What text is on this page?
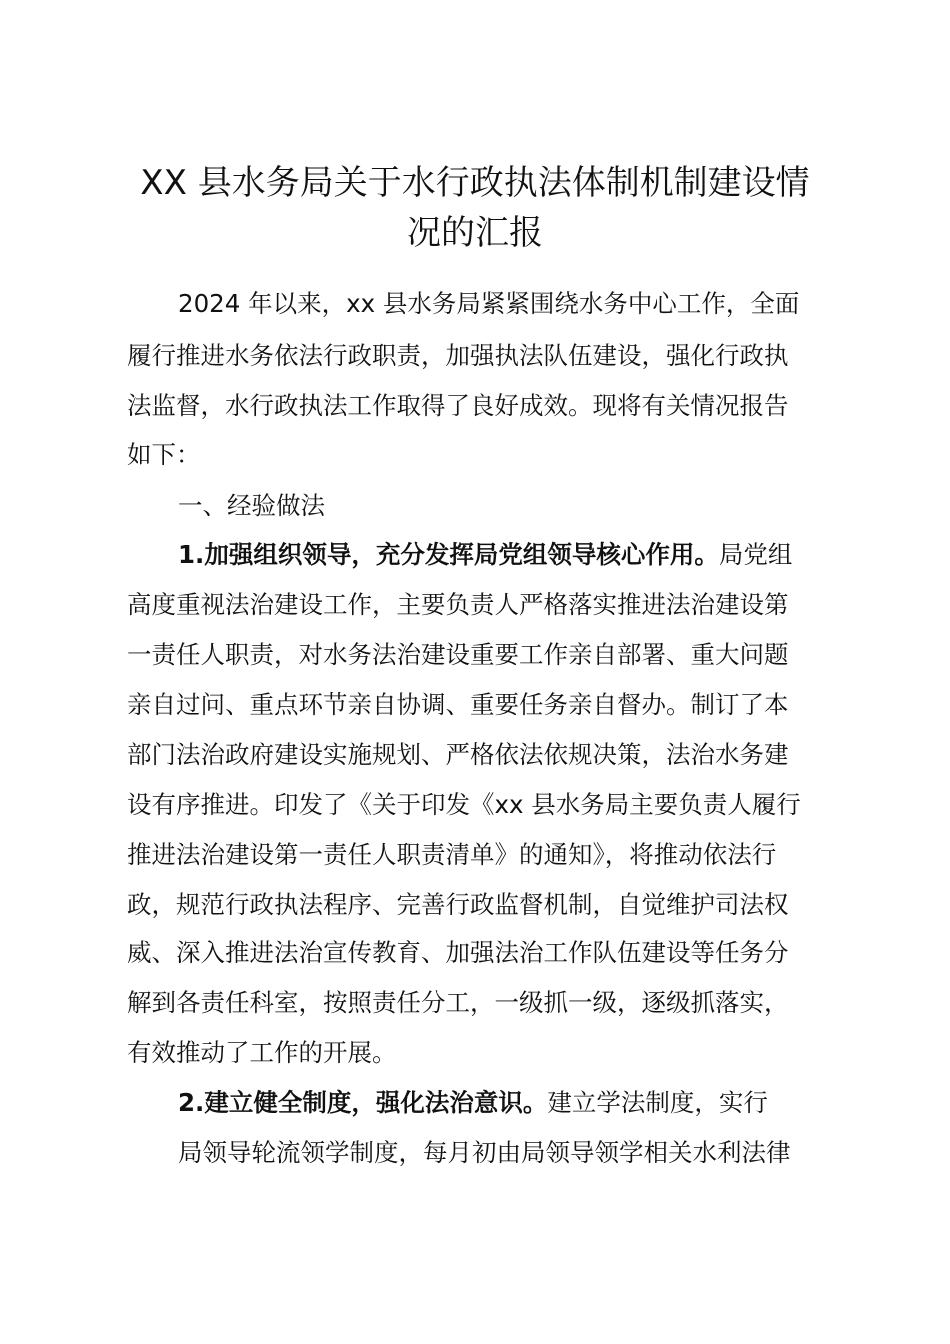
XX 县水务局关于水行政执法体制机制建设情
况的汇报

2024 年以来，xx 县水务局紧紧围绕水务中心工作，全面

履行推进水务依法行政职责，加强执法队伍建设，强化行政执

法监督，水行政执法工作取得了良好成效。现将有关情况报告

如下：

一、经验做法

1.加强组织领导，充分发挥局党组领导核心作用。局党组

高度重视法治建设工作，主要负责人严格落实推进法治建设第

一责任人职责，对水务法治建设重要工作亲自部署、重大问题

亲自过问、重点环节亲自协调、重要任务亲自督办。制订了本

部门法治政府建设实施规划、严格依法依规决策，法治水务建

设有序推进。印发了《关于印发《xx 县水务局主要负责人履行

推进法治建设第一责任人职责清单》的通知》，将推动依法行

政，规范行政执法程序、完善行政监督机制，自觉维护司法权

威、深入推进法治宣传教育、加强法治工作队伍建设等任务分

解到各责任科室，按照责任分工，一级抓一级，逐级抓落实，

有效推动了工作的开展。

2.建立健全制度，强化法治意识。建立学法制度，实行

局领导轮流领学制度，每月初由局领导领学相关水利法律
